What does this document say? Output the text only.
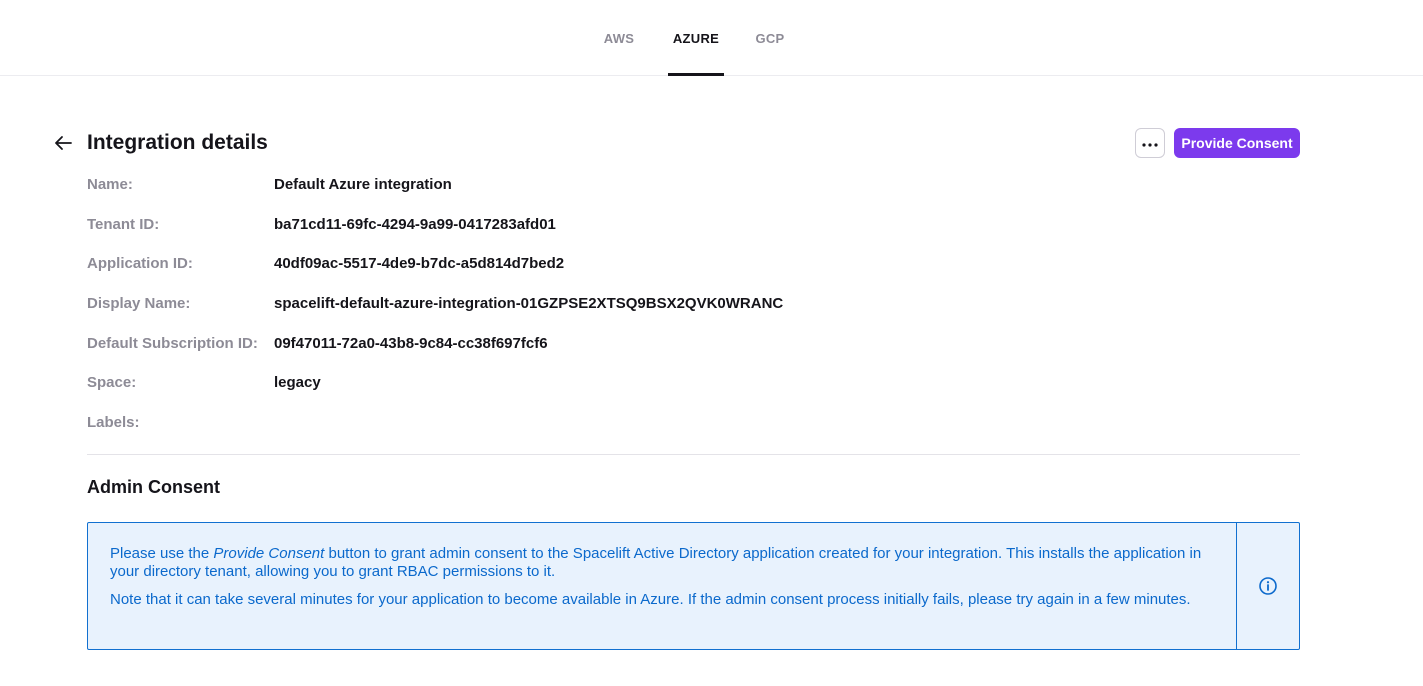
AWS	AZURE	GCP
Integration details	Provide Consent
Name:	Default Azure integration
Tenant ID:	ba71cd11-69fc-4294-9a99-0417283afd01
Application ID:	40df09ac-5517-4de9-b7dc-a5d814d7bed2
Display Name:	spacelift-default-azure-integration-01GZPSE2XTSQ9BSX2QVK0WRANC
Default Subscription ID:	09f47011-72a0-43b8-9c84-cc38f697fcf6
Space:	legacy
Labels:
Admin Consent

Please use the Provide Consent button to grant admin consent to the Spacelift Active Directory application created for your integration. This installs the application in your directory tenant, allowing you to grant RBAC permissions to it.

Note that it can take several minutes for your application to become available in Azure. If the admin consent process initially fails, please try again in a few minutes.
